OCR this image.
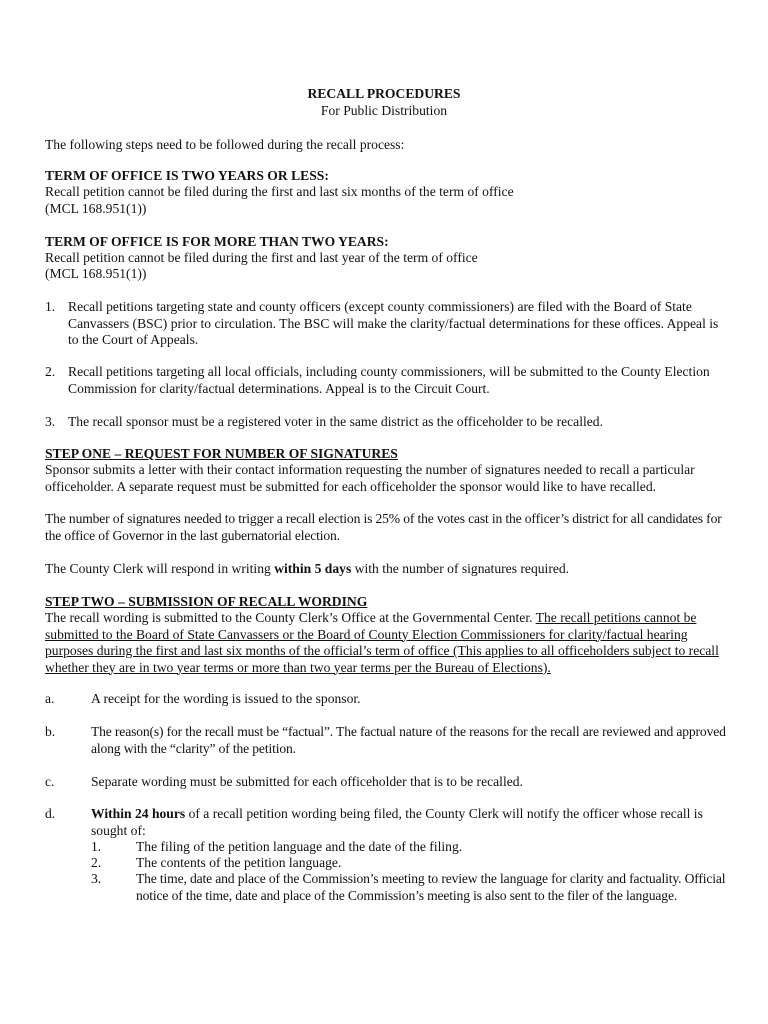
RECALL PROCEDURES
For Public Distribution
The following steps need to be followed during the recall process:
TERM OF OFFICE IS TWO YEARS OR LESS:
Recall petition cannot be filed during the first and last six months of the term of office
(MCL 168.951(1))
TERM OF OFFICE IS FOR MORE THAN TWO YEARS:
Recall petition cannot be filed during the first and last year of the term of office
(MCL 168.951(1))
1. Recall petitions targeting state and county officers (except county commissioners) are filed with the Board of State Canvassers (BSC) prior to circulation. The BSC will make the clarity/factual determinations for these offices. Appeal is to the Court of Appeals.
2. Recall petitions targeting all local officials, including county commissioners, will be submitted to the County Election Commission for clarity/factual determinations. Appeal is to the Circuit Court.
3. The recall sponsor must be a registered voter in the same district as the officeholder to be recalled.
STEP ONE – REQUEST FOR NUMBER OF SIGNATURES
Sponsor submits a letter with their contact information requesting the number of signatures needed to recall a particular officeholder. A separate request must be submitted for each officeholder the sponsor would like to have recalled.
The number of signatures needed to trigger a recall election is 25% of the votes cast in the officer’s district for all candidates for the office of Governor in the last gubernatorial election.
The County Clerk will respond in writing within 5 days with the number of signatures required.
STEP TWO – SUBMISSION OF RECALL WORDING
The recall wording is submitted to the County Clerk’s Office at the Governmental Center. The recall petitions cannot be submitted to the Board of State Canvassers or the Board of County Election Commissioners for clarity/factual hearing purposes during the first and last six months of the official’s term of office (This applies to all officeholders subject to recall whether they are in two year terms or more than two year terms per the Bureau of Elections).
a.	A receipt for the wording is issued to the sponsor.
b.	The reason(s) for the recall must be “factual”. The factual nature of the reasons for the recall are reviewed and approved along with the “clarity” of the petition.
c.	Separate wording must be submitted for each officeholder that is to be recalled.
d.	Within 24 hours of a recall petition wording being filed, the County Clerk will notify the officer whose recall is sought of:
1.	The filing of the petition language and the date of the filing.
2.	The contents of the petition language.
3.	The time, date and place of the Commission’s meeting to review the language for clarity and factuality. Official notice of the time, date and place of the Commission’s meeting is also sent to the filer of the language.
